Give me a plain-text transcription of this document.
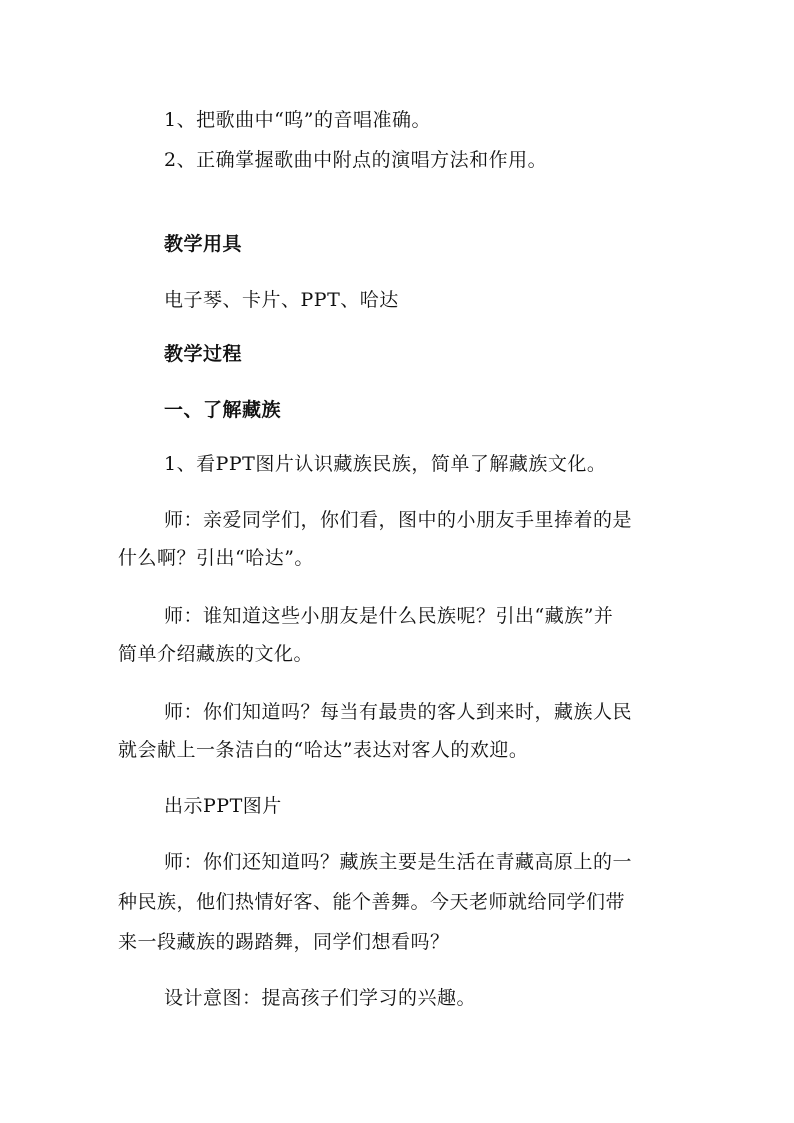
1、把歌曲中“呜”的音唱准确。
2、正确掌握歌曲中附点的演唱方法和作用。
教学用具
电子琴、卡片、PPT、哈达
教学过程
一、了解藏族
1、看PPT图片认识藏族民族，简单了解藏族文化。
师：亲爱同学们，你们看，图中的小朋友手里捧着的是
什么啊？引出“哈达”。
师：谁知道这些小朋友是什么民族呢？引出“藏族”并
简单介绍藏族的文化。
师：你们知道吗？每当有最贵的客人到来时，藏族人民
就会献上一条洁白的“哈达”表达对客人的欢迎。
出示PPT图片
师：你们还知道吗？藏族主要是生活在青藏高原上的一
种民族，他们热情好客、能个善舞。今天老师就给同学们带
来一段藏族的踢踏舞，同学们想看吗？
设计意图：提高孩子们学习的兴趣。
